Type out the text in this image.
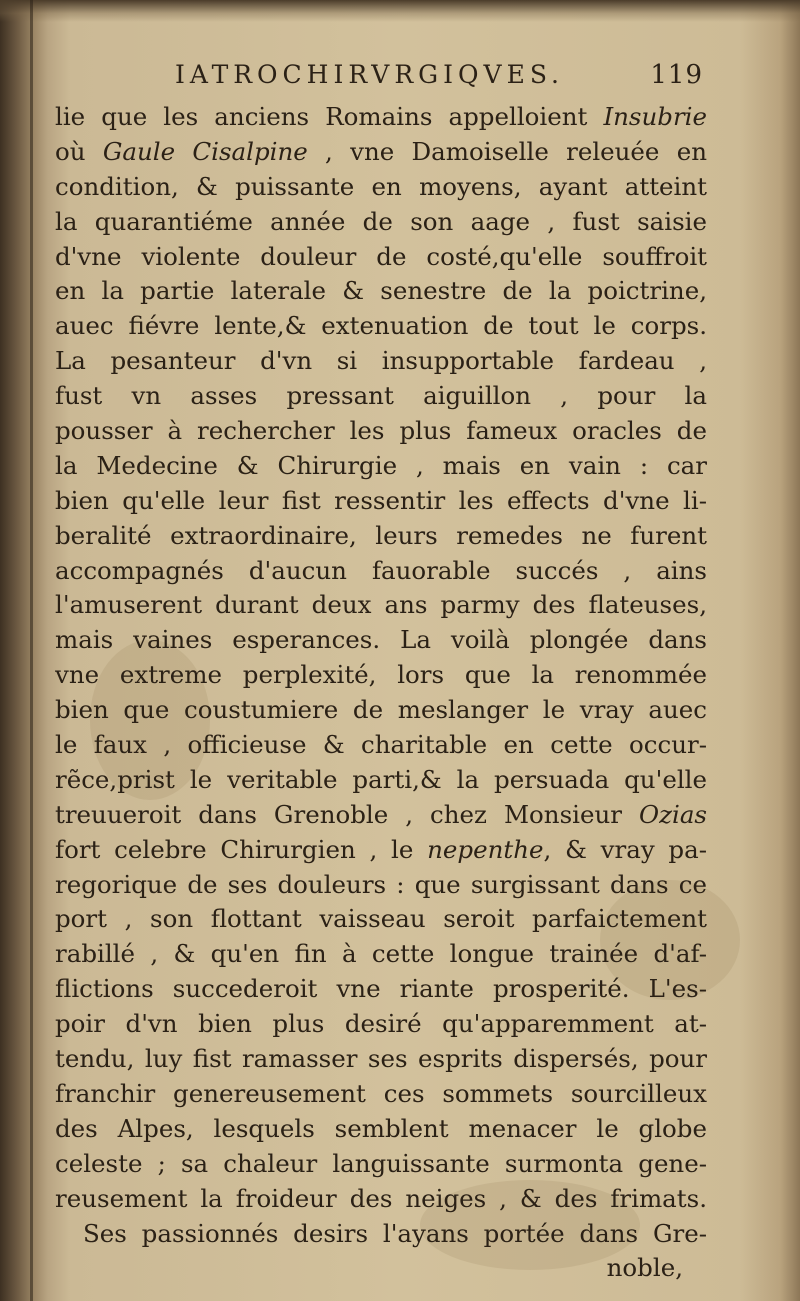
IATROCHIRVRGIQVES.	119
lie que les anciens Romains appelloient Insubrie
où Gaule Cisalpine , vne Damoiselle releuée en
condition, & puissante en moyens, ayant atteint
la quarantiéme année de son aage , fust saisie
d'vne violente douleur de costé,qu'elle souffroit
en la partie laterale & senestre de la poictrine,
auec fiévre lente,& extenuation de tout le corps.
La pesanteur d'vn si insupportable fardeau ,
fust vn asses pressant aiguillon , pour la
pousser à rechercher les plus fameux oracles de
la Medecine & Chirurgie , mais en vain : car
bien qu'elle leur fist ressentir les effects d'vne li-
beralité extraordinaire, leurs remedes ne furent
accompagnés d'aucun fauorable succés , ains
l'amuserent durant deux ans parmy des flateuses,
mais vaines esperances. La voilà plongée dans
vne extreme perplexité, lors que la renommée
bien que coustumiere de meslanger le vray auec
le faux , officieuse & charitable en cette occur-
rẽce,prist le veritable parti,& la persuada qu'elle
treuueroit dans Grenoble , chez Monsieur Ozias
fort celebre Chirurgien , le nepenthe, & vray pa-
regorique de ses douleurs : que surgissant dans ce
port , son flottant vaisseau seroit parfaictement
rabillé , & qu'en fin à cette longue trainée d'af-
flictions succederoit vne riante prosperité. L'es-
poir d'vn bien plus desiré qu'apparemment at-
tendu, luy fist ramasser ses esprits dispersés, pour
franchir genereusement ces sommets sourcilleux
des Alpes, lesquels semblent menacer le globe
celeste ; sa chaleur languissante surmonta gene-
reusement la froideur des neiges , & des frimats.
Ses passionnés desirs l'ayans portée dans Gre-
noble,
